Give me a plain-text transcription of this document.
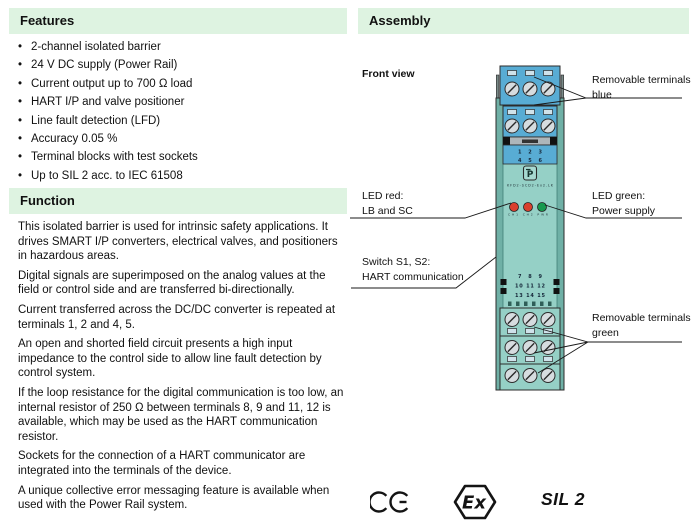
Features
• 2-channel isolated barrier
• 24 V DC supply (Power Rail)
• Current output up to 700 Ω load
• HART I/P and valve positioner
• Line fault detection (LFD)
• Accuracy 0.05 %
• Terminal blocks with test sockets
• Up to SIL 2 acc. to IEC 61508
Function

This isolated barrier is used for intrinsic safety applications. It drives SMART I/P converters, electrical valves, and positioners in hazardous areas.

Digital signals are superimposed on the analog values at the field or control side and are transferred bi-directionally.

Current transferred across the DC/DC converter is repeated at terminals 1, 2 and 4, 5.

An open and shorted field circuit presents a high input impedance to the control side to allow line fault detection by control system.

If the loop resistance for the digital communication is too low, an internal resistor of 250 Ω between terminals 8, 9 and 11, 12 is available, which may be used as the HART communication resistor.

Sockets for the connection of a HART communicator are integrated into the terminals of the device.

A unique collective error messaging feature is available when used with the Power Rail system.

Assembly
Front view	Removable terminals
blue
LED red:
LB and SC
LED green:
Power supply
Switch S1, S2:
HART communication
Removable terminals
green
1 2 3
4 5 6
P
KFD2-SCD2-Ex2.LK
CH1 CH2 PWR
7 8 9
10 11 12
13 14 15
Ex	SIL 2
